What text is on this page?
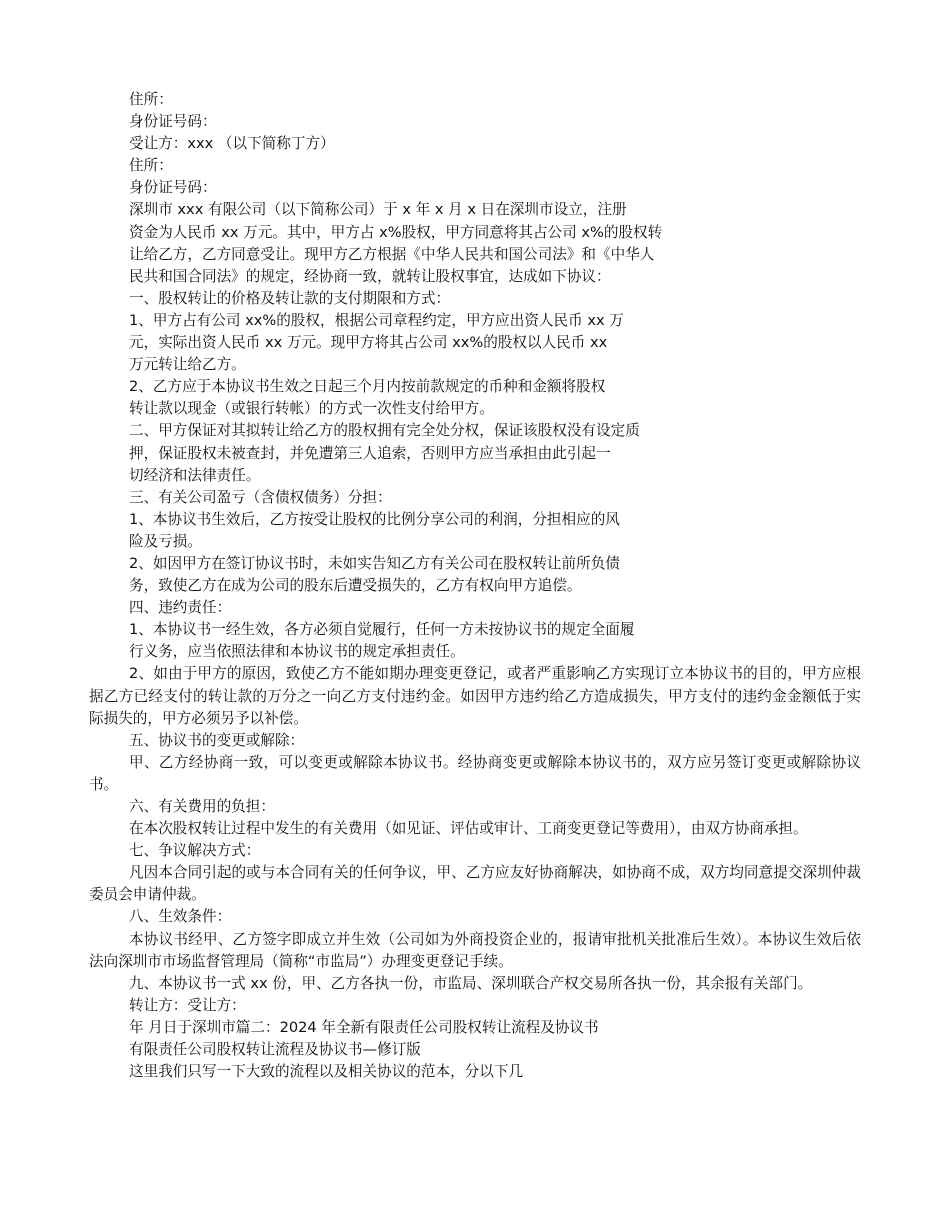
住所：

身份证号码：

受让方：xxx （以下简称丁方）

住所：

身份证号码：

深圳市 xxx 有限公司（以下简称公司）于 x 年 x 月 x 日在深圳市设立，注册

资金为人民币 xx 万元。其中，甲方占 x%股权，甲方同意将其占公司 x%的股权转

让给乙方，乙方同意受让。现甲方乙方根据《中华人民共和国公司法》和《中华人

民共和国合同法》的规定，经协商一致，就转让股权事宜，达成如下协议：

一、股权转让的价格及转让款的支付期限和方式：

1、甲方占有公司 xx%的股权，根据公司章程约定，甲方应出资人民币 xx 万

元，实际出资人民币 xx 万元。现甲方将其占公司 xx%的股权以人民币 xx

万元转让给乙方。

2、乙方应于本协议书生效之日起三个月内按前款规定的币种和金额将股权

转让款以现金（或银行转帐）的方式一次性支付给甲方。

二、甲方保证对其拟转让给乙方的股权拥有完全处分权，保证该股权没有设定质

押，保证股权未被查封，并免遭第三人追索，否则甲方应当承担由此引起一

切经济和法律责任。

三、有关公司盈亏（含债权债务）分担：

1、本协议书生效后，乙方按受让股权的比例分享公司的利润，分担相应的风

险及亏损。

2、如因甲方在签订协议书时，未如实告知乙方有关公司在股权转让前所负债

务，致使乙方在成为公司的股东后遭受损失的，乙方有权向甲方追偿。

四、违约责任：

1、本协议书一经生效，各方必须自觉履行，任何一方未按协议书的规定全面履

行义务，应当依照法律和本协议书的规定承担责任。

2、如由于甲方的原因，致使乙方不能如期办理变更登记，或者严重影响乙方实现订立本协议书的目的，甲方应根据乙方已经支付的转让款的万分之一向乙方支付违约金。如因甲方违约给乙方造成损失，甲方支付的违约金金额低于实际损失的，甲方必须另予以补偿。

五、协议书的变更或解除：

甲、乙方经协商一致，可以变更或解除本协议书。经协商变更或解除本协议书的，双方应另签订变更或解除协议书。

六、有关费用的负担：

在本次股权转让过程中发生的有关费用（如见证、评估或审计、工商变更登记等费用），由双方协商承担。

七、争议解决方式：

凡因本合同引起的或与本合同有关的任何争议，甲、乙方应友好协商解决，如协商不成，双方均同意提交深圳仲裁委员会申请仲裁。

八、生效条件：

本协议书经甲、乙方签字即成立并生效（公司如为外商投资企业的，报请审批机关批准后生效）。本协议生效后依法向深圳市市场监督管理局（简称“市监局”）办理变更登记手续。

九、本协议书一式 xx 份，甲、乙方各执一份，市监局、深圳联合产权交易所各执一份，其余报有关部门。

转让方：受让方：

年 月日于深圳市篇二：2024 年全新有限责任公司股权转让流程及协议书

有限责任公司股权转让流程及协议书—修订版

这里我们只写一下大致的流程以及相关协议的范本，分以下几
